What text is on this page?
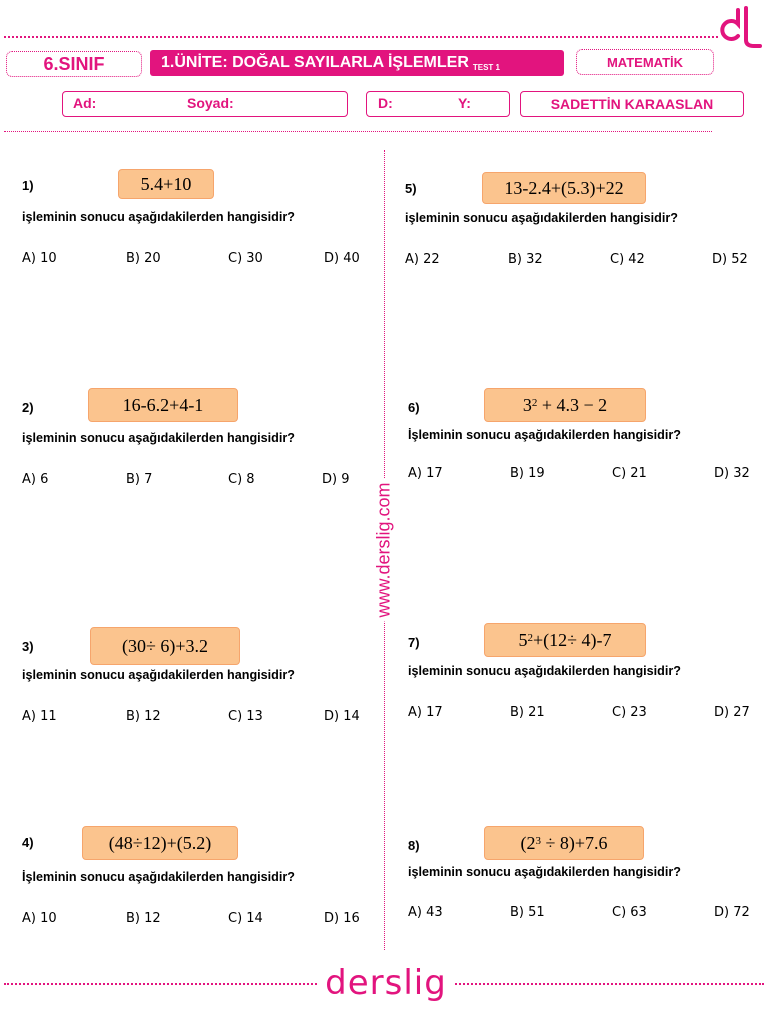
6.SINIF	1.ÜNİTE: DOĞAL SAYILARLA İŞLEMLER TEST 1	MATEMATİK
Ad:	Soyad:	D:	Y:	SADETTİN KARAASLAN
www.derslig.com
1)	5.4+10
işleminin sonucu aşağıdakilerden hangisidir?
A) 10	B) 20	C) 30	D) 40
2)	16-6.2+4-1
işleminin sonucu aşağıdakilerden hangisidir?
A) 6	B) 7	C) 8	D) 9
3)	(30÷ 6)+3.2
işleminin sonucu aşağıdakilerden hangisidir?
A) 11	B) 12	C) 13	D) 14
4)	(48÷12)+(5.2)
İşleminin sonucu aşağıdakilerden hangisidir?
A) 10	B) 12	C) 14	D) 16
5)	13-2.4+(5.3)+22
işleminin sonucu aşağıdakilerden hangisidir?
A) 22	B) 32	C) 42	D) 52
6)	$3^2 + 4.3 - 2$
İşleminin sonucu aşağıdakilerden hangisidir?
A) 17	B) 19	C) 21	D) 32
7)	$5^2 +(12\div 4)-7$
işleminin sonucu aşağıdakilerden hangisidir?
A) 17	B) 21	C) 23	D) 27
8)	$(2^3 \div 8)+7.6$
işleminin sonucu aşağıdakilerden hangisidir?
A) 43	B) 51	C) 63	D) 72
derslig
